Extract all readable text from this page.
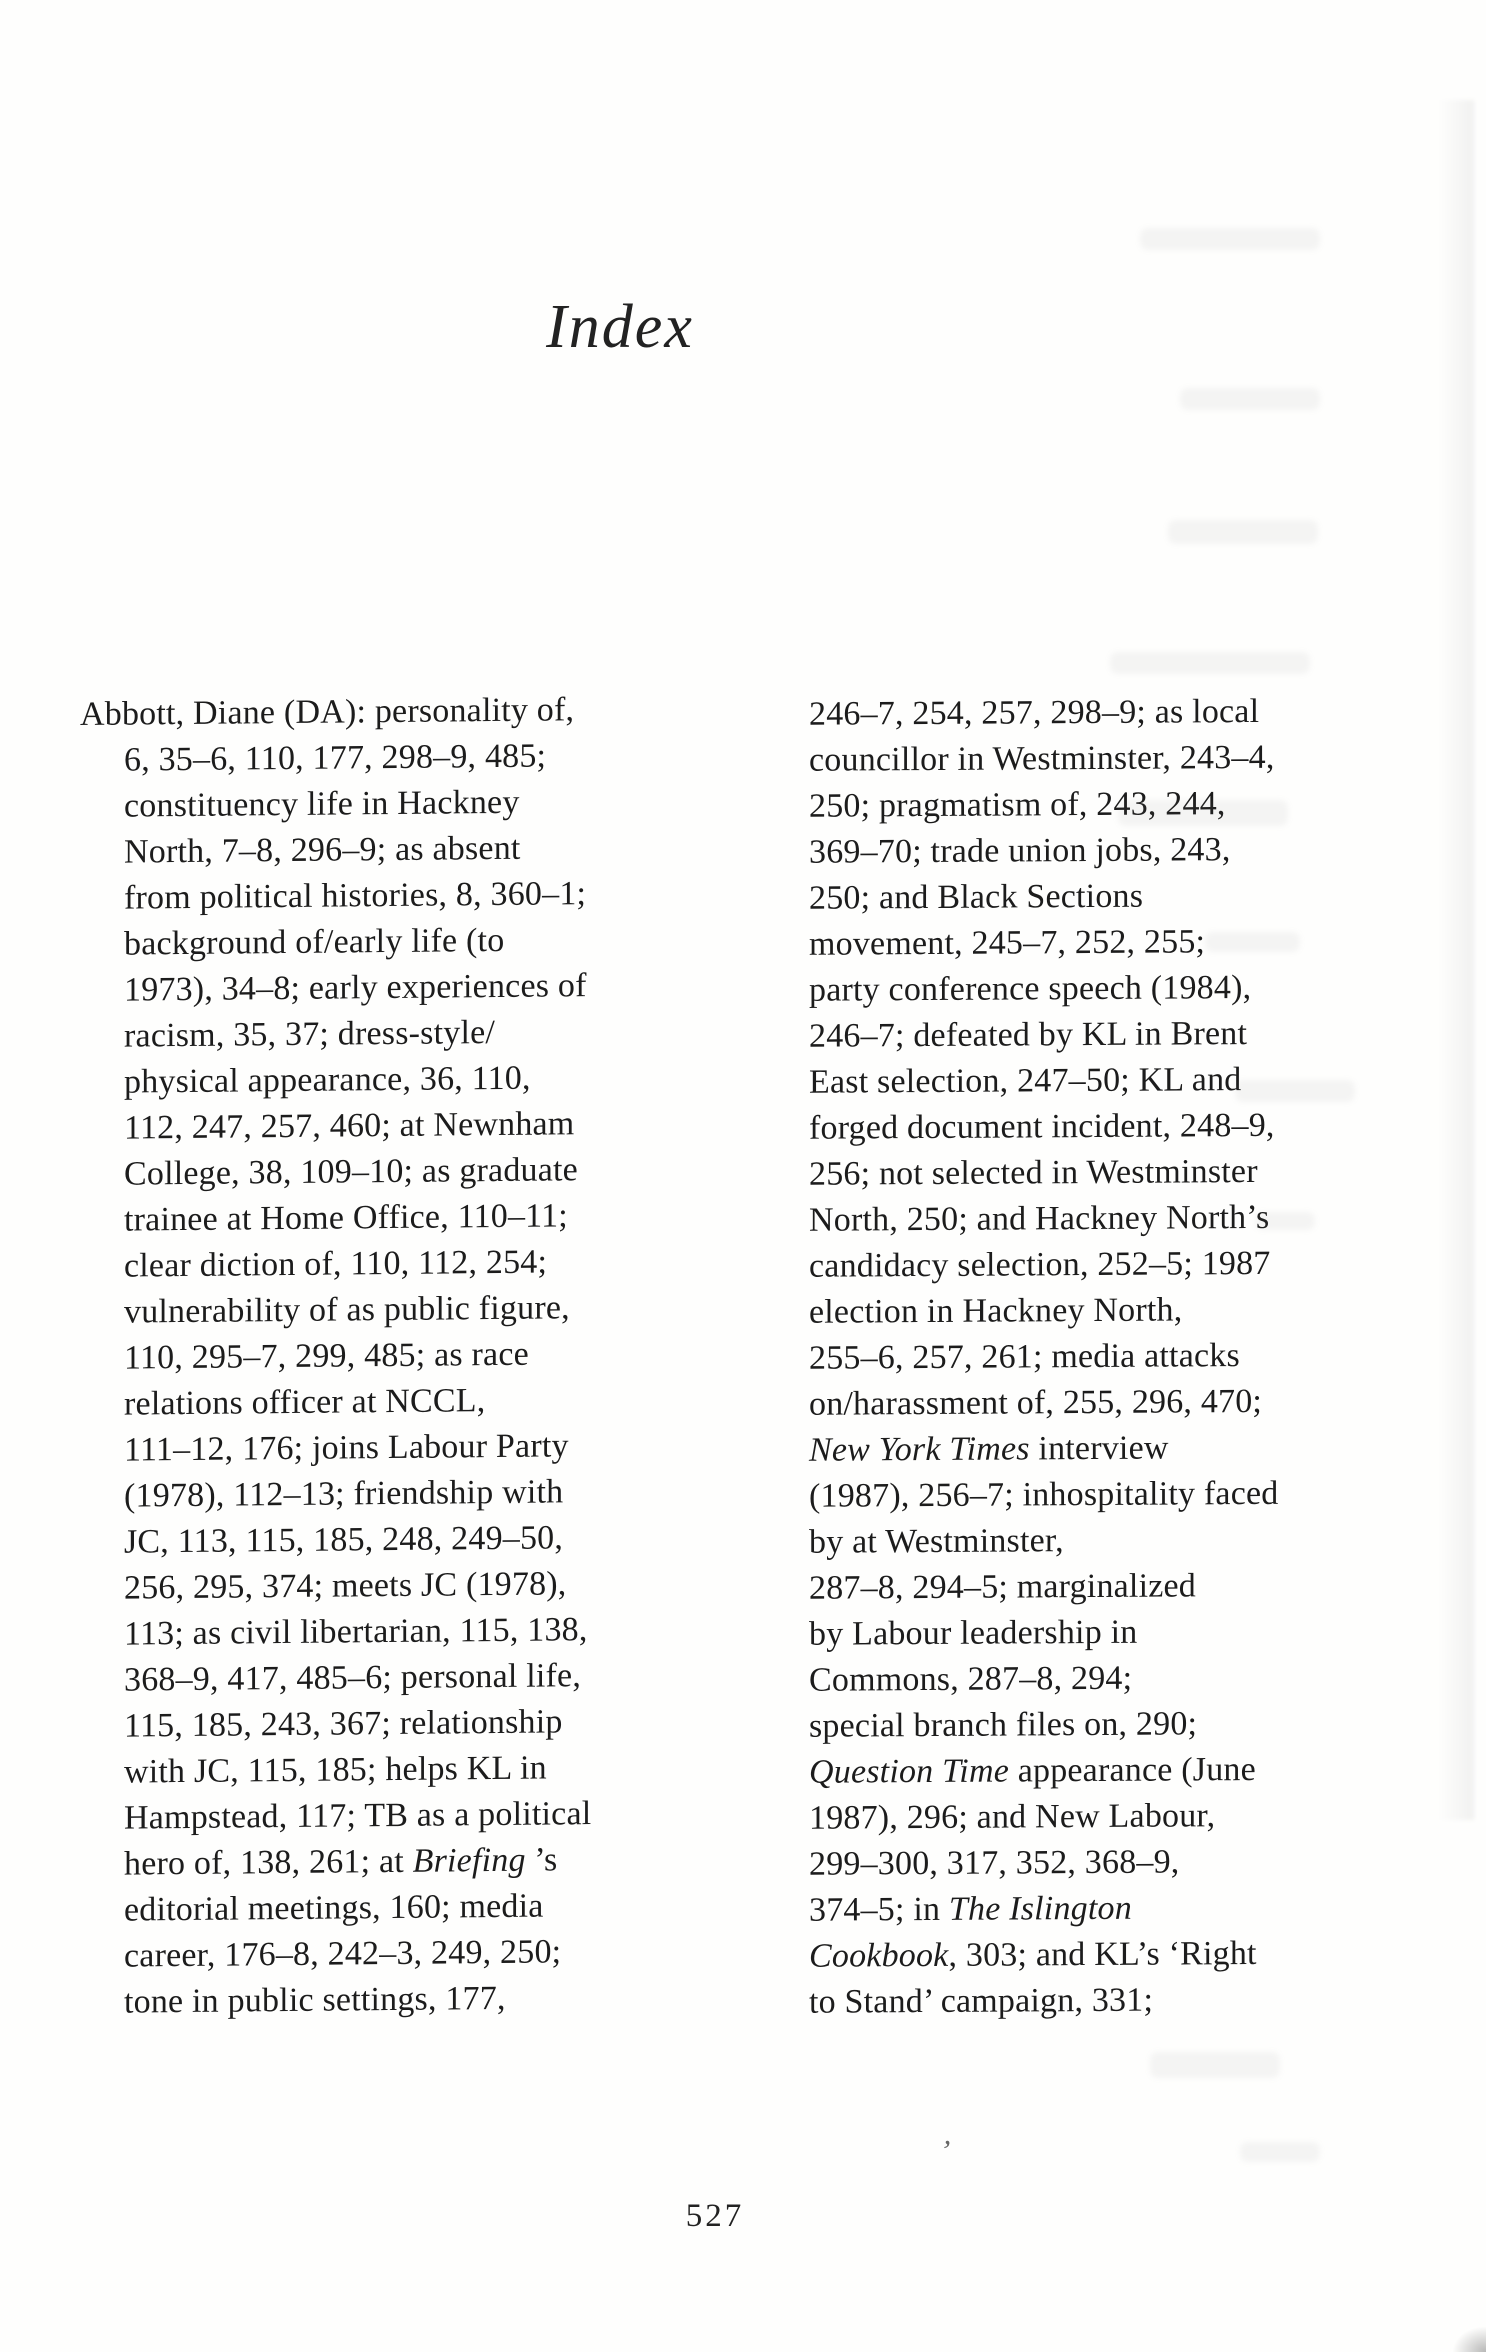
Index
Abbott, Diane (DA): personality of,
6, 35–6, 110, 177, 298–9, 485;
constituency life in Hackney
North, 7–8, 296–9; as absent
from political histories, 8, 360–1;
background of/early life (to
1973), 34–8; early experiences of
racism, 35, 37; dress-style/
physical appearance, 36, 110,
112, 247, 257, 460; at Newnham
College, 38, 109–10; as graduate
trainee at Home Office, 110–11;
clear diction of, 110, 112, 254;
vulnerability of as public figure,
110, 295–7, 299, 485; as race
relations officer at NCCL,
111–12, 176; joins Labour Party
(1978), 112–13; friendship with
JC, 113, 115, 185, 248, 249–50,
256, 295, 374; meets JC (1978),
113; as civil libertarian, 115, 138,
368–9, 417, 485–6; personal life,
115, 185, 243, 367; relationship
with JC, 115, 185; helps KL in
Hampstead, 117; TB as a political
hero of, 138, 261; at Briefing ’s
editorial meetings, 160; media
career, 176–8, 242–3, 249, 250;
tone in public settings, 177,
246–7, 254, 257, 298–9; as local
councillor in Westminster, 243–4,
250; pragmatism of, 243, 244,
369–70; trade union jobs, 243,
250; and Black Sections
movement, 245–7, 252, 255;
party conference speech (1984),
246–7; defeated by KL in Brent
East selection, 247–50; KL and
forged document incident, 248–9,
256; not selected in Westminster
North, 250; and Hackney North’s
candidacy selection, 252–5; 1987
election in Hackney North,
255–6, 257, 261; media attacks
on/harassment of, 255, 296, 470;
New York Times interview
(1987), 256–7; inhospitality faced
by at Westminster,
287–8, 294–5; marginalized
by Labour leadership in
Commons, 287–8, 294;
special branch files on, 290;
Question Time appearance (June
1987), 296; and New Labour,
299–300, 317, 352, 368–9,
374–5; in The Islington
Cookbook, 303; and KL’s ‘Right
to Stand’ campaign, 331;
527
,
